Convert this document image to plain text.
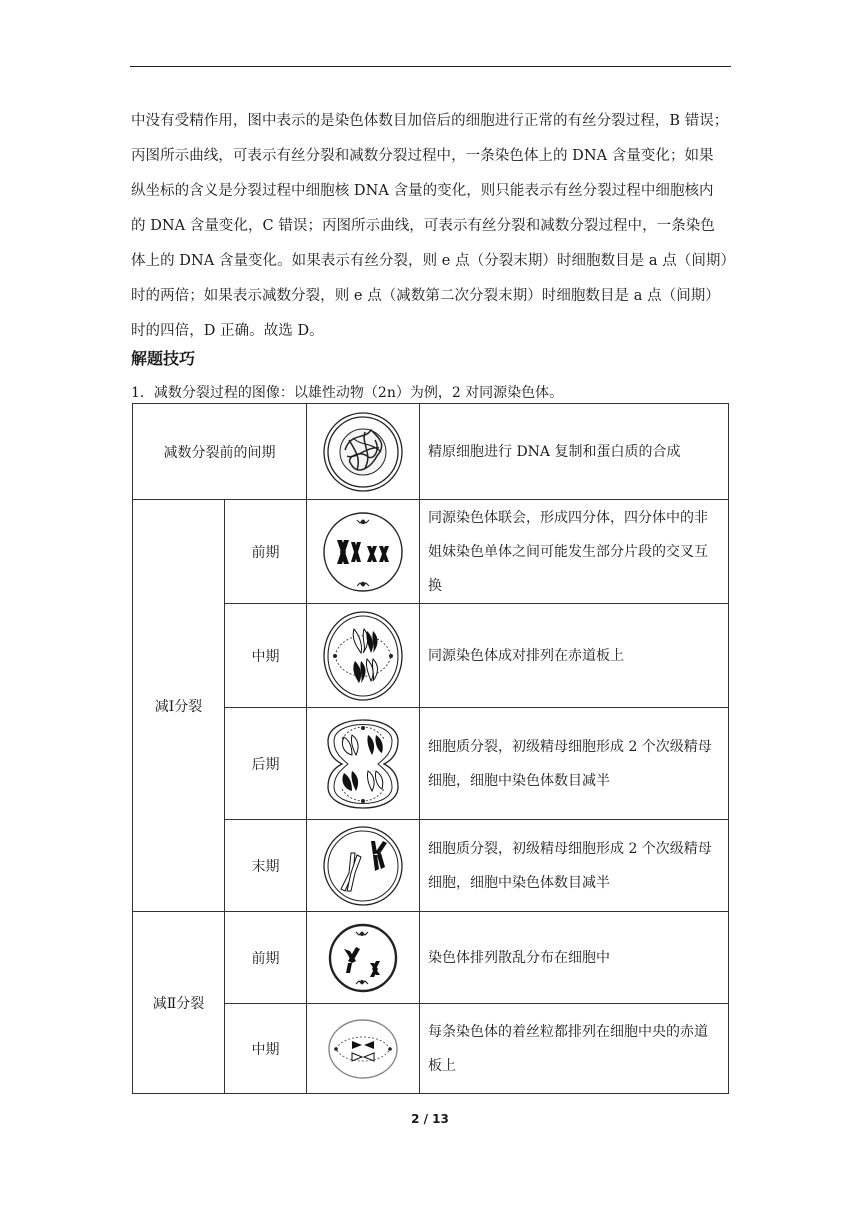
中没有受精作用，图中表示的是染色体数目加倍后的细胞进行正常的有丝分裂过程，B 错误；

丙图所示曲线，可表示有丝分裂和减数分裂过程中，一条染色体上的 DNA 含量变化；如果

纵坐标的含义是分裂过程中细胞核 DNA 含量的变化，则只能表示有丝分裂过程中细胞核内

的 DNA 含量变化，C 错误；丙图所示曲线，可表示有丝分裂和减数分裂过程中，一条染色

体上的 DNA 含量变化。如果表示有丝分裂，则 e 点（分裂末期）时细胞数目是 a 点（间期）

时的两倍；如果表示减数分裂，则 e 点（减数第二次分裂末期）时细胞数目是 a 点（间期）

时的四倍，D 正确。故选 D。

解题技巧
1．减数分裂过程的图像：以雄性动物（2n）为例，2 对同源染色体。
减数分裂前的间期			精原细胞进行 DNA 复制和蛋白质的合成
减Ⅰ分裂	前期		同源染色体联会，形成四分体，四分体中的非姐妹染色单体之间可能发生部分片段的交叉互换
	中期		同源染色体成对排列在赤道板上
	后期		细胞质分裂，初级精母细胞形成 2 个次级精母细胞，细胞中染色体数目减半
	末期		细胞质分裂，初级精母细胞形成 2 个次级精母细胞，细胞中染色体数目减半
减Ⅱ分裂	前期		染色体排列散乱分布在细胞中
	中期		每条染色体的着丝粒都排列在细胞中央的赤道板上
2 / 13
